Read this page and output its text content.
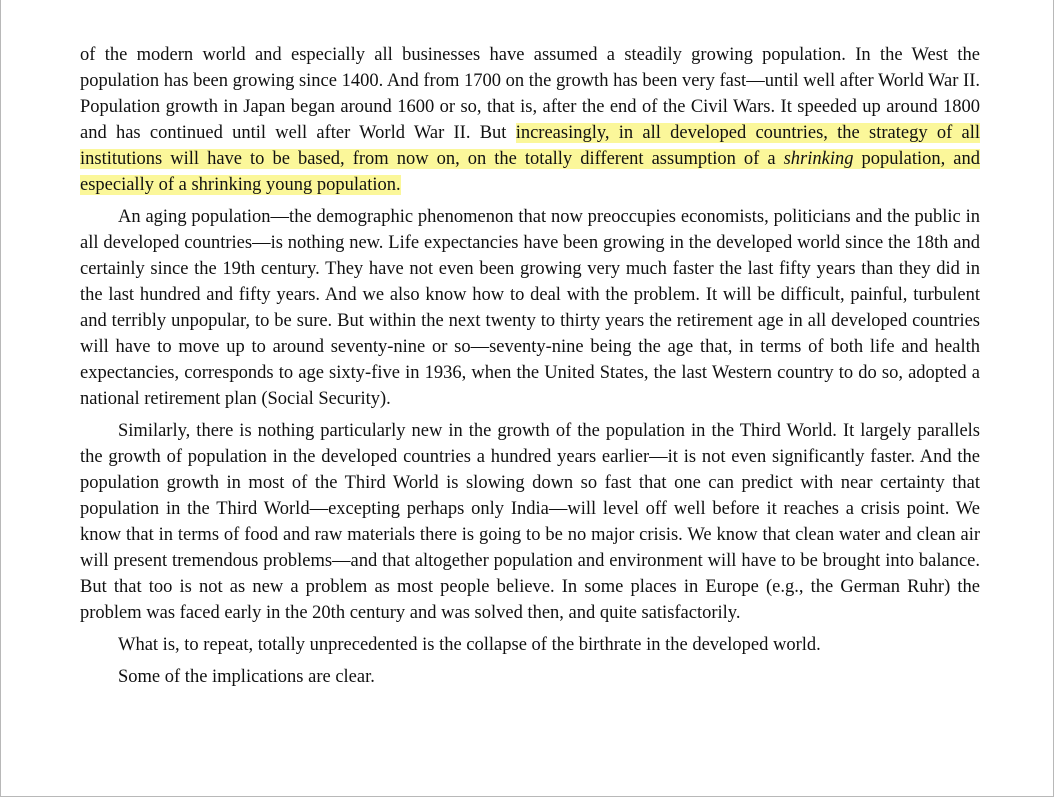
of the modern world and especially all businesses have assumed a steadily growing population. In the West the population has been growing since 1400. And from 1700 on the growth has been very fast—until well after World War II. Population growth in Japan began around 1600 or so, that is, after the end of the Civil Wars. It speeded up around 1800 and has continued until well after World War II. But increasingly, in all developed countries, the strategy of all institutions will have to be based, from now on, on the totally different assumption of a shrinking population, and especially of a shrinking young population.

An aging population—the demographic phenomenon that now preoccupies economists, politicians and the public in all developed countries—is nothing new. Life expectancies have been growing in the developed world since the 18th and certainly since the 19th century. They have not even been growing very much faster the last fifty years than they did in the last hundred and fifty years. And we also know how to deal with the problem. It will be difficult, painful, turbulent and terribly unpopular, to be sure. But within the next twenty to thirty years the retirement age in all developed countries will have to move up to around seventy-nine or so—seventy-nine being the age that, in terms of both life and health expectancies, corresponds to age sixty-five in 1936, when the United States, the last Western country to do so, adopted a national retirement plan (Social Security).

Similarly, there is nothing particularly new in the growth of the population in the Third World. It largely parallels the growth of population in the developed countries a hundred years earlier—it is not even significantly faster. And the population growth in most of the Third World is slowing down so fast that one can predict with near certainty that population in the Third World—excepting perhaps only India—will level off well before it reaches a crisis point. We know that in terms of food and raw materials there is going to be no major crisis. We know that clean water and clean air will present tremendous problems—and that altogether population and environment will have to be brought into balance. But that too is not as new a problem as most people believe. In some places in Europe (e.g., the German Ruhr) the problem was faced early in the 20th century and was solved then, and quite satisfactorily.

What is, to repeat, totally unprecedented is the collapse of the birthrate in the developed world.

Some of the implications are clear.
